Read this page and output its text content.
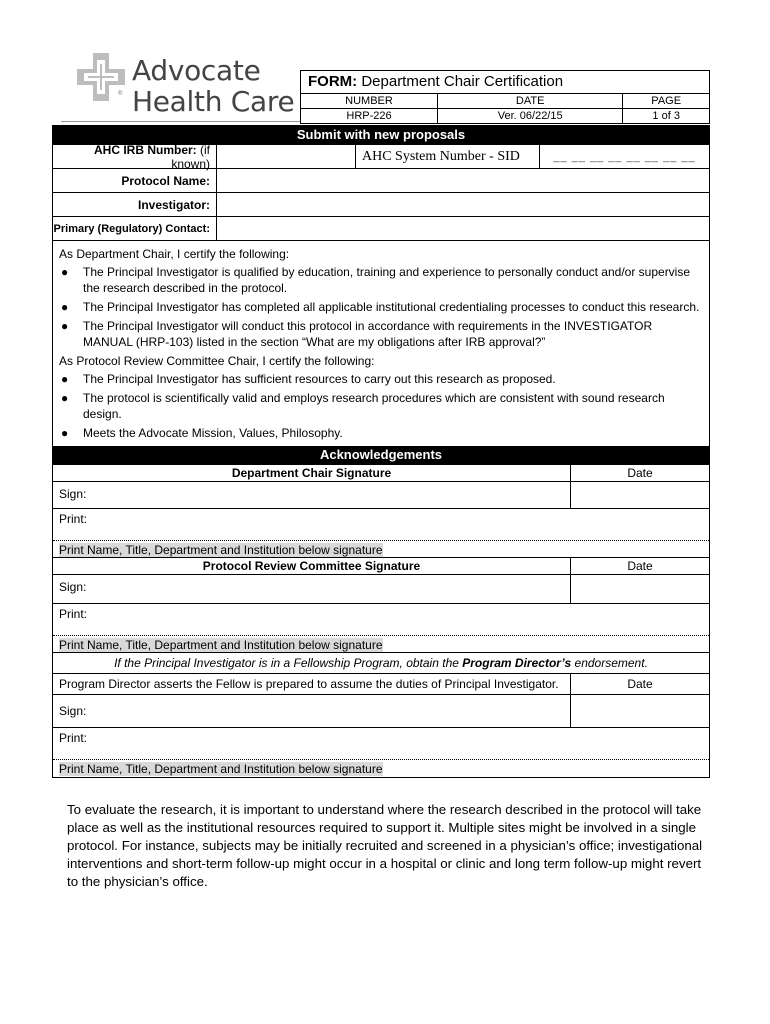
®
Advocate
Health Care
FORM: Department Chair Certification
NUMBER	DATE	PAGE
HRP-226	Ver. 06/22/15	1 of 3
Submit with new proposals
AHC IRB Number: (if known)	AHC System Number - SID	__ __ __ __ __ __ __ __
Protocol Name:
Investigator:
Primary (Regulatory) Contact:
As Department Chair, I certify the following:
●	The Principal Investigator is qualified by education, training and experience to personally conduct and/or supervise the research described in the protocol.
●	The Principal Investigator has completed all applicable institutional credentialing processes to conduct this research.
●	The Principal Investigator will conduct this protocol in accordance with requirements in the INVESTIGATOR MANUAL (HRP-103) listed in the section “What are my obligations after IRB approval?”
As Protocol Review Committee Chair, I certify the following:
●	The Principal Investigator has sufficient resources to carry out this research as proposed.
●	The protocol is scientifically valid and employs research procedures which are consistent with sound research design.
●	Meets the Advocate Mission, Values, Philosophy.
Acknowledgements
Department Chair Signature	Date
Sign:
Print:
Print Name, Title, Department and Institution below signature
Protocol Review Committee Signature	Date
Sign:
Print:
Print Name, Title, Department and Institution below signature
If the Principal Investigator is in a Fellowship Program, obtain the Program Director’s endorsement.
Program Director asserts the Fellow is prepared to assume the duties of Principal Investigator.	Date
Sign:
Print:
Print Name, Title, Department and Institution below signature
To evaluate the research, it is important to understand where the research described in the protocol will take place as well as the institutional resources required to support it. Multiple sites might be involved in a single protocol. For instance, subjects may be initially recruited and screened in a physician’s office; investigational interventions and short-term follow-up might occur in a hospital or clinic and long term follow-up might revert to the physician’s office.
